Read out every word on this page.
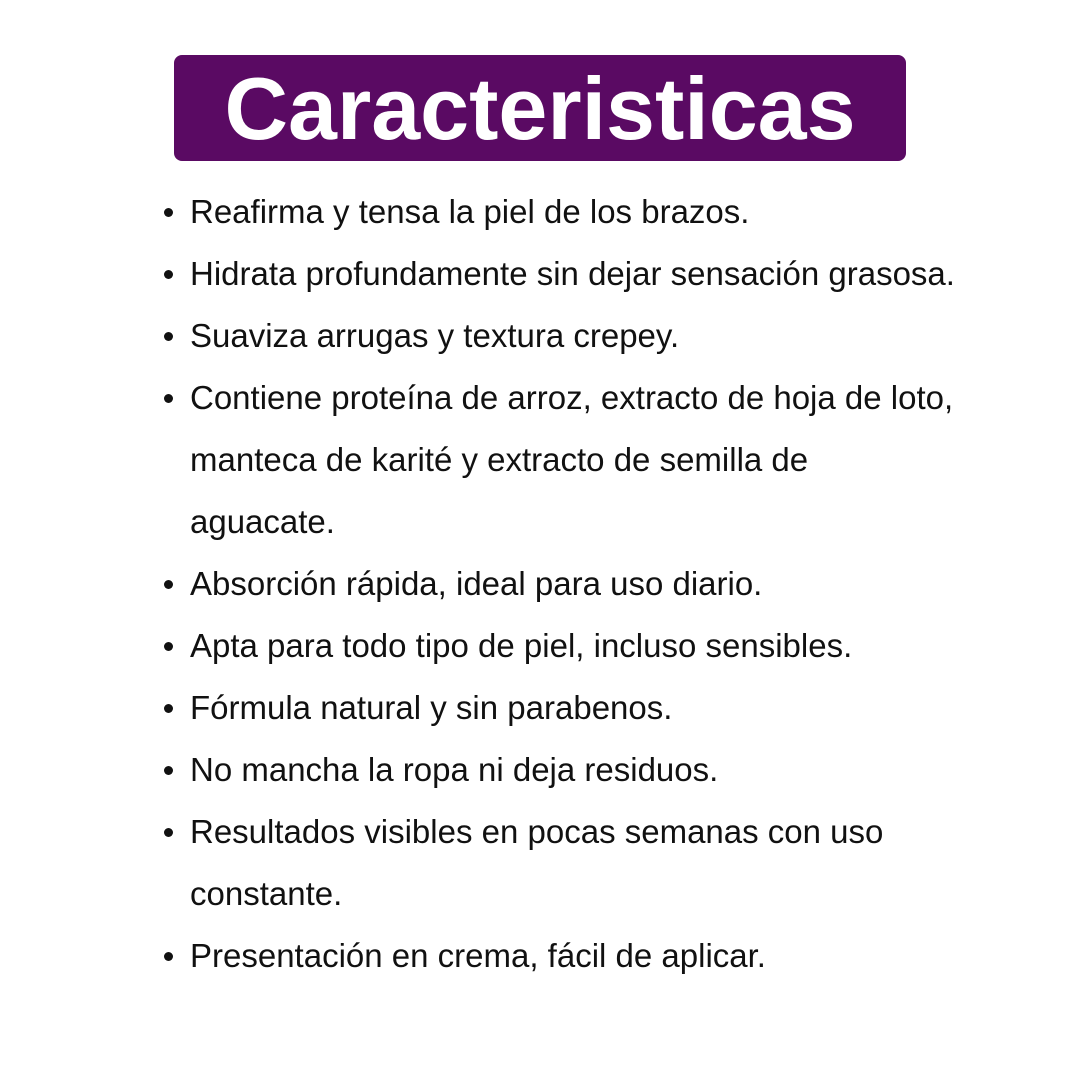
Caracteristicas
Reafirma y tensa la piel de los brazos.
Hidrata profundamente sin dejar sensación grasosa.
Suaviza arrugas y textura crepey.
Contiene proteína de arroz, extracto de hoja de loto, manteca de karité y extracto de semilla de aguacate.
Absorción rápida, ideal para uso diario.
Apta para todo tipo de piel, incluso sensibles.
Fórmula natural y sin parabenos.
No mancha la ropa ni deja residuos.
Resultados visibles en pocas semanas con uso constante.
Presentación en crema, fácil de aplicar.
